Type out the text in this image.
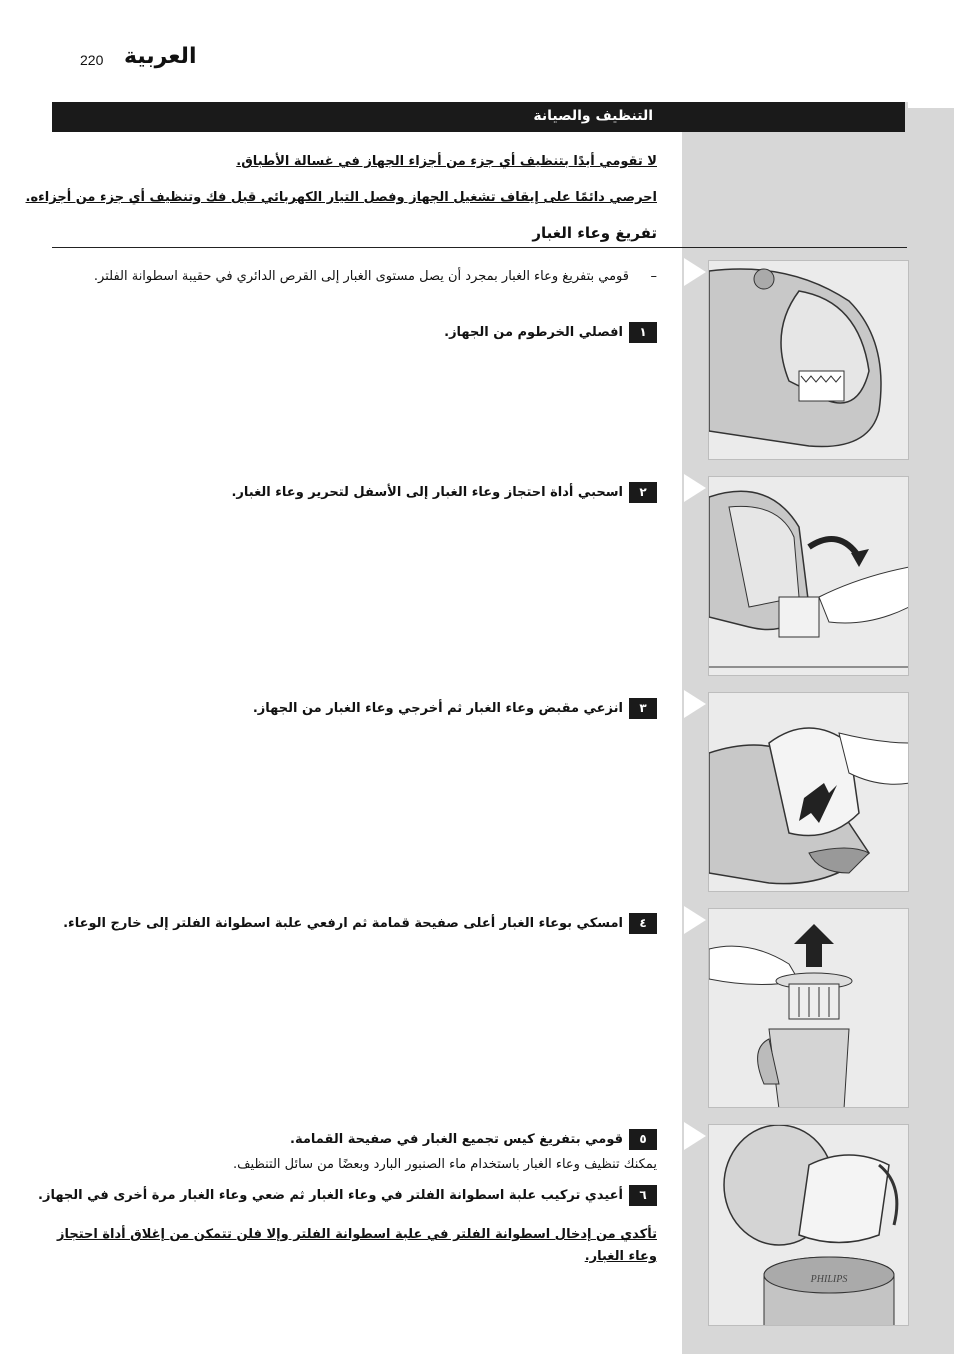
220 العربية
التنظيف والصيانة
لا تقومي أبدًا بتنظيف أي جزء من أجزاء الجهاز في غسالة الأطباق.
احرصي دائمًا على إيقاف تشغيل الجهاز وفصل التيار الكهربائي قبل فك وتنظيف أي جزء من أجزاءه.
تفريغ وعاء الغبار
–
قومي بتفريغ وعاء الغبار بمجرد أن يصل مستوى الغبار إلى القرص الدائري في حقيبة اسطوانة الفلتر.
١
افصلي الخرطوم من الجهاز.
٢
اسحبي أداة احتجاز وعاء الغبار إلى الأسفل لتحرير وعاء الغبار.
٣
انزعي مقبض وعاء الغبار ثم أخرجي وعاء الغبار من الجهاز.
٤
امسكي بوعاء الغبار أعلى صفيحة قمامة ثم ارفعي علبة اسطوانة الفلتر إلى خارج الوعاء.
٥
قومي بتفريغ كيس تجميع الغبار في صفيحة القمامة.
يمكنك تنظيف وعاء الغبار باستخدام ماء الصنبور البارد وبعضًا من سائل التنظيف.
٦
أعيدي تركيب علبة اسطوانة الفلتر في وعاء الغبار ثم ضعي وعاء الغبار مرة أخرى في الجهاز.
تأكدي من إدخال اسطوانة الفلتر في علبة اسطوانة الفلتر وإلا فلن تتمكن من إغلاق أداة احتجاز وعاء الغبار.
PHILIPS
